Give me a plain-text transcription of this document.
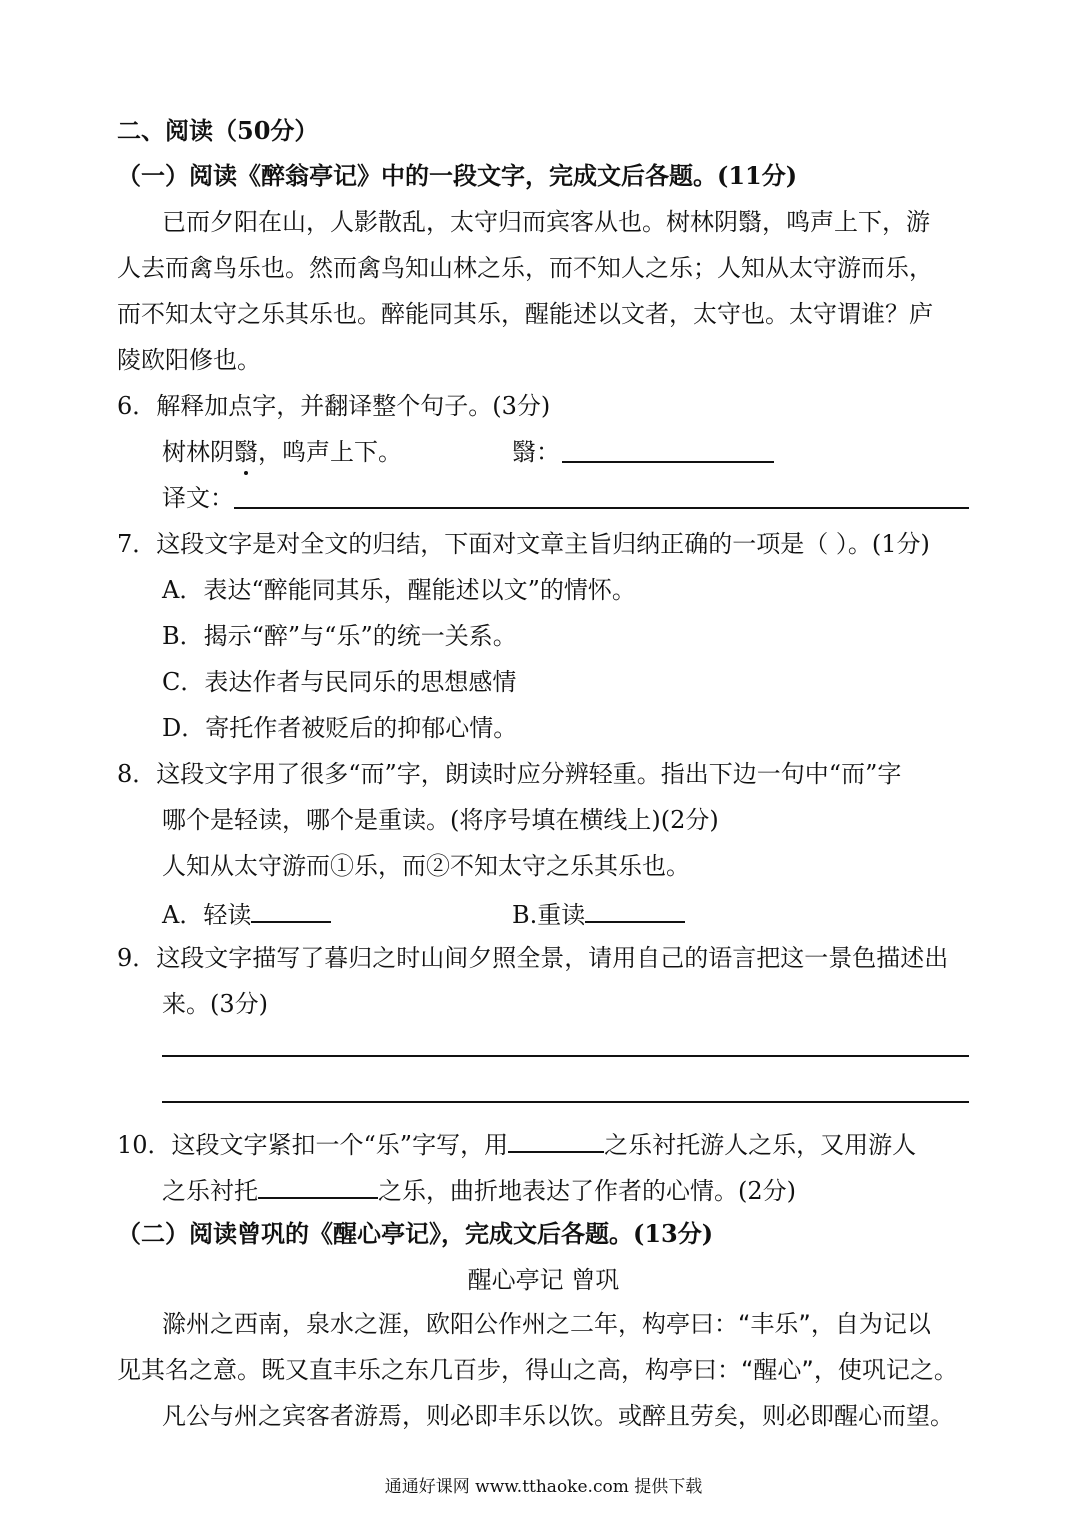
二、阅读（50分）
（一）阅读《醉翁亭记》中的一段文字，完成文后各题。(11分)
已而夕阳在山，人影散乱，太守归而宾客从也。树林阴翳，鸣声上下，游
人去而禽鸟乐也。然而禽鸟知山林之乐，而不知人之乐；人知从太守游而乐，
而不知太守之乐其乐也。醉能同其乐，醒能述以文者，太守也。太守谓谁？庐
陵欧阳修也。
6．解释加点字，并翻译整个句子。(3分)
树林阴翳，鸣声上下。	翳：
译文：
7．这段文字是对全文的归结，下面对文章主旨归纳正确的一项是（ ）。(1分)
A．表达“醉能同其乐，醒能述以文”的情怀。
B．揭示“醉”与“乐”的统一关系。
C．表达作者与民同乐的思想感情
D．寄托作者被贬后的抑郁心情。
8．这段文字用了很多“而”字，朗读时应分辨轻重。指出下边一句中“而”字
哪个是轻读，哪个是重读。(将序号填在横线上)(2分)
人知从太守游而①乐，而②不知太守之乐其乐也。
A．轻读	B.重读
9．这段文字描写了暮归之时山间夕照全景，请用自己的语言把这一景色描述出
来。(3分)
10．这段文字紧扣一个“乐”字写，用	之乐衬托游人之乐，又用游人
之乐衬托	之乐，曲折地表达了作者的心情。(2分)
（二）阅读曾巩的《醒心亭记》，完成文后各题。(13分)
醒心亭记 曾巩
滁州之西南，泉水之涯，欧阳公作州之二年，构亭曰：“丰乐”，自为记以
见其名之意。既又直丰乐之东几百步，得山之高，构亭曰：“醒心”，使巩记之。
凡公与州之宾客者游焉，则必即丰乐以饮。或醉且劳矣，则必即醒心而望。
通通好课网 www.tthaoke.com 提供下载
